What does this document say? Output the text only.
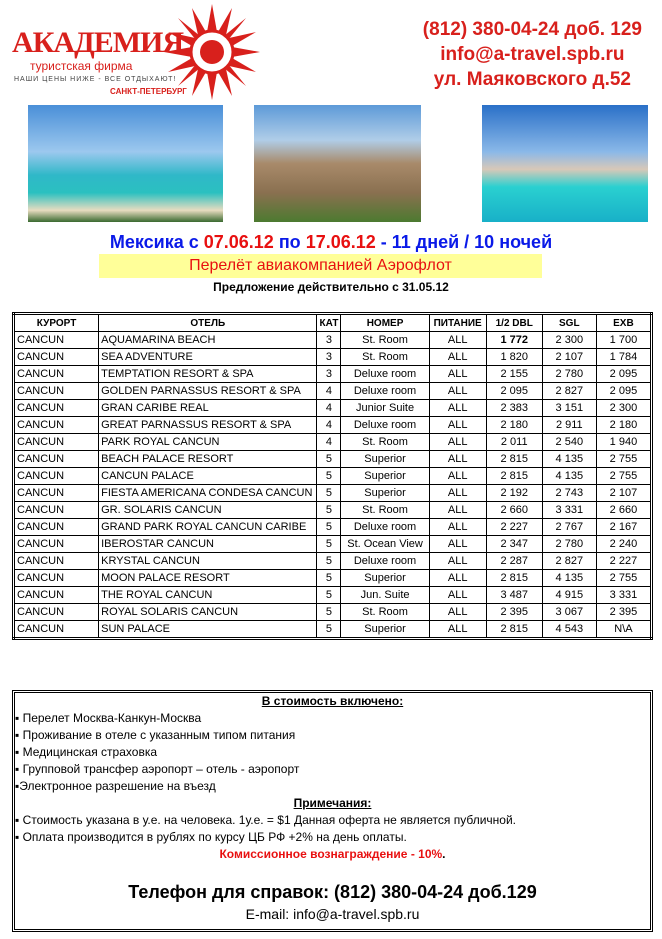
АКАДЕМИЯ
туристская фирма
НАШИ ЦЕНЫ НИЖЕ - ВСЕ ОТДЫХАЮТ!
САНКТ-ПЕТЕРБУРГ
(812) 380-04-24 доб. 129
info@a-travel.spb.ru
ул. Маяковского д.52
Мексика с 07.06.12 по 17.06.12 - 11 дней / 10 ночей
Перелёт авиакомпанией Аэрофлот
Предложение действительно с 31.05.12
КУРОРТ	ОТЕЛЬ	КАТ	НОМЕР	ПИТАНИЕ	1/2 DBL	SGL	EXB
CANCUN	AQUAMARINA BEACH	3	St. Room	ALL	1 772	2 300	1 700
CANCUN	SEA ADVENTURE	3	St. Room	ALL	1 820	2 107	1 784
CANCUN	TEMPTATION RESORT & SPA	3	Deluxe room	ALL	2 155	2 780	2 095
CANCUN	GOLDEN PARNASSUS RESORT & SPA	4	Deluxe room	ALL	2 095	2 827	2 095
CANCUN	GRAN CARIBE REAL	4	Junior Suite	ALL	2 383	3 151	2 300
CANCUN	GREAT PARNASSUS RESORT & SPA	4	Deluxe room	ALL	2 180	2 911	2 180
CANCUN	PARK ROYAL CANCUN	4	St. Room	ALL	2 011	2 540	1 940
CANCUN	BEACH PALACE RESORT	5	Superior	ALL	2 815	4 135	2 755
CANCUN	CANCUN PALACE	5	Superior	ALL	2 815	4 135	2 755
CANCUN	FIESTA AMERICANA CONDESA CANCUN	5	Superior	ALL	2 192	2 743	2 107
CANCUN	GR. SOLARIS CANCUN	5	St. Room	ALL	2 660	3 331	2 660
CANCUN	GRAND PARK ROYAL CANCUN CARIBE	5	Deluxe room	ALL	2 227	2 767	2 167
CANCUN	IBEROSTAR CANCUN	5	St. Ocean View	ALL	2 347	2 780	2 240
CANCUN	KRYSTAL CANCUN	5	Deluxe room	ALL	2 287	2 827	2 227
CANCUN	MOON PALACE RESORT	5	Superior	ALL	2 815	4 135	2 755
CANCUN	THE ROYAL CANCUN	5	Jun. Suite	ALL	3 487	4 915	3 331
CANCUN	ROYAL SOLARIS CANCUN	5	St. Room	ALL	2 395	3 067	2 395
CANCUN	SUN PALACE	5	Superior	ALL	2 815	4 543	N\A
В стоимость включено:
▪ Перелет Москва-Канкун-Москва
▪ Проживание в отеле с указанным типом питания
▪ Медицинская страховка
▪ Групповой трансфер аэропорт – отель - аэропорт
▪Электронное разрешение на въезд
Примечания:
▪ Стоимость указана в у.е. на человека. 1у.е. = $1 Данная оферта не является публичной.
▪ Оплата производится в рублях по курсу ЦБ РФ +2% на день оплаты.
Комиссионное вознаграждение - 10%.
Телефон для справок: (812) 380-04-24 доб.129
E-mail: info@a-travel.spb.ru
